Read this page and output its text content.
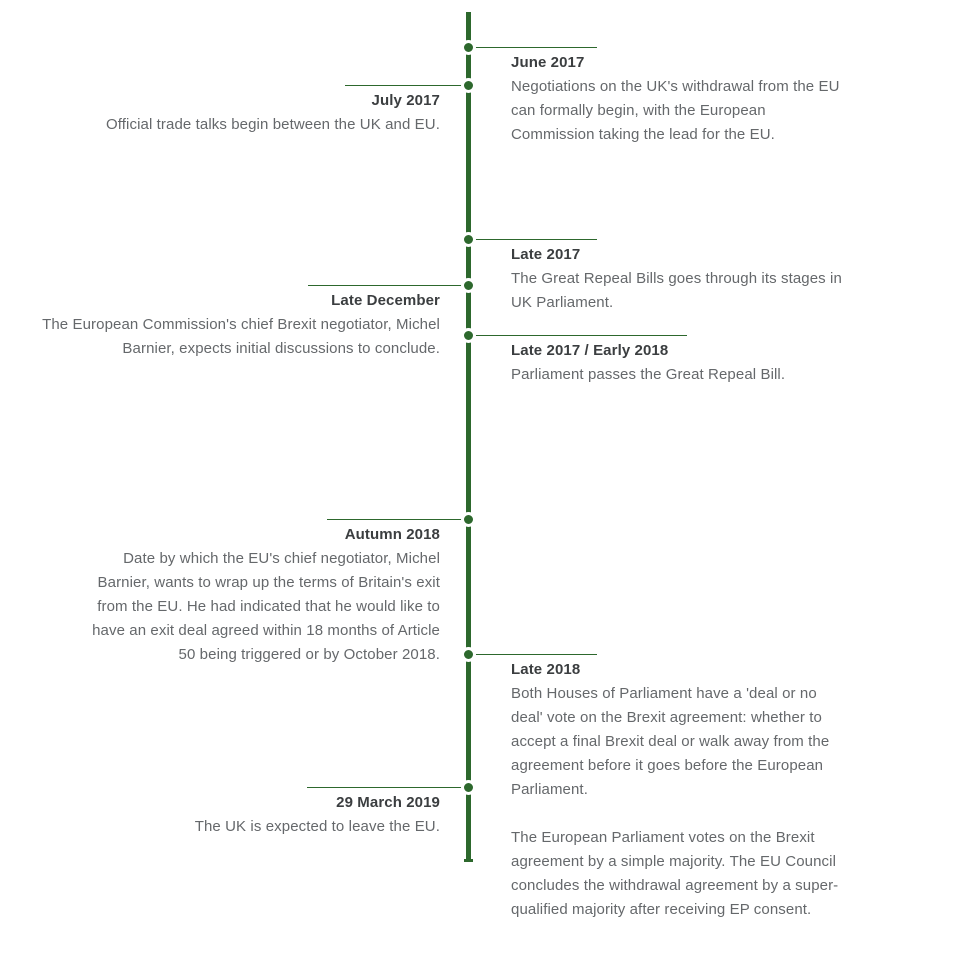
June 2017

Negotiations on the UK's withdrawal from the EU can formally begin, with the European Commission taking the lead for the EU.

July 2017

Official trade talks begin between the UK and EU.

Late 2017

The Great Repeal Bills goes through its stages in UK Parliament.

Late December

The European Commission's chief Brexit negotiator, Michel Barnier, expects initial discussions to conclude.	Late 2017 / Early 2018

Parliament passes the Great Repeal Bill.

Autumn 2018

Date by which the EU's chief negotiator, Michel Barnier, wants to wrap up the terms of Britain's exit from the EU. He had indicated that he would like to have an exit deal agreed within 18 months of Article 50 being triggered or by October 2018.

Late 2018

Both Houses of Parliament have a 'deal or no deal' vote on the Brexit agreement: whether to accept a final Brexit deal or walk away from the agreement before it goes before the European Parliament.

The European Parliament votes on the Brexit agreement by a simple majority. The EU Council concludes the withdrawal agreement by a super-qualified majority after receiving EP consent.

29 March 2019

The UK is expected to leave the EU.
